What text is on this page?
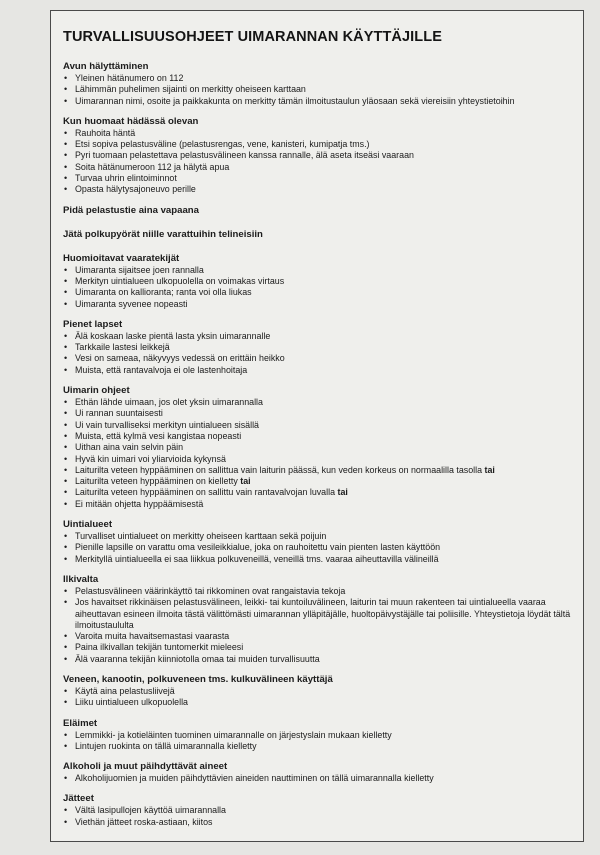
TURVALLISUUSOHJEET UIMARANNAN KÄYTTÄJILLE

Avun hälyttäminen

• Yleinen hätänumero on 112
• Lähimmän puhelimen sijainti on merkitty oheiseen karttaan
• Uimarannan nimi, osoite ja paikkakunta on merkitty tämän ilmoitustaulun yläosaan sekä viereisiin yhteystietoihin

Kun huomaat hädässä olevan

• Rauhoita häntä
• Etsi sopiva pelastusväline (pelastusrengas, vene, kanisteri, kumipatja tms.)
• Pyri tuomaan pelastettava pelastusvälineen kanssa rannalle, älä aseta itseäsi vaaraan
• Soita hätänumeroon 112 ja hälytä apua
• Turvaa uhrin elintoiminnot
• Opasta hälytysajoneuvo perille

Pidä pelastustie aina vapaana

Jätä polkupyörät niille varattuihin telineisiin

Huomioitavat vaaratekijät

• Uimaranta sijaitsee joen rannalla
• Merkityn uintialueen ulkopuolella on voimakas virtaus
• Uimaranta on kallioranta; ranta voi olla liukas
• Uimaranta syvenee nopeasti

Pienet lapset

• Älä koskaan laske pientä lasta yksin uimarannalle
• Tarkkaile lastesi leikkejä
• Vesi on sameaa, näkyvyys vedessä on erittäin heikko
• Muista, että rantavalvoja ei ole lastenhoitaja

Uimarin ohjeet

• Ethän lähde uimaan, jos olet yksin uimarannalla
• Ui rannan suuntaisesti
• Ui vain turvalliseksi merkityn uintialueen sisällä
• Muista, että kylmä vesi kangistaa nopeasti
• Uithan aina vain selvin päin
• Hyvä kin uimari voi yliarvioida kykynsä
• Laiturilta veteen hyppääminen on sallittua vain laiturin päässä, kun veden korkeus on normaalilla tasolla tai
• Laiturilta veteen hyppääminen on kielletty tai
• Laiturilta veteen hyppääminen on sallittu vain rantavalvojan luvalla tai
• Ei mitään ohjetta hyppäämisestä

Uintialueet

• Turvalliset uintialueet on merkitty oheiseen karttaan sekä poijuin
• Pienille lapsille on varattu oma vesileikkialue, joka on rauhoitettu vain pienten lasten käyttöön
• Merkityllä uintialueella ei saa liikkua polkuveneillä, veneillä tms. vaaraa aiheuttavilla välineillä

Ilkivalta

• Pelastusvälineen väärinkäyttö tai rikkominen ovat rangaistavia tekoja
• Jos havaitset rikkinäisen pelastusvälineen, leikki- tai kuntoiluvälineen, laiturin tai muun rakenteen tai uintialueella vaaraa aiheuttavan esineen ilmoita tästä välittömästi uimarannan ylläpitäjälle, huoltopäivystäjälle tai poliisille. Yhteystietoja löydät tältä ilmoitustaululta
• Varoita muita havaitsemastasi vaarasta
• Paina ilkivallan tekijän tuntomerkit mieleesi
• Älä vaaranna tekijän kiinniotolla omaa tai muiden turvallisuutta

Veneen, kanootin, polkuveneen tms. kulkuvälineen käyttäjä

• Käytä aina pelastusliivejä
• Liiku uintialueen ulkopuolella

Eläimet

• Lemmikki- ja kotieläinten tuominen uimarannalle on järjestyslain mukaan kielletty
• Lintujen ruokinta on tällä uimarannalla kielletty

Alkoholi ja muut päihdyttävät aineet

• Alkoholijuomien ja muiden päihdyttävien aineiden nauttiminen on tällä uimarannalla kielletty

Jätteet

• Vältä lasipullojen käyttöä uimarannalla
• Viethän jätteet roska-astiaan, kiitos
